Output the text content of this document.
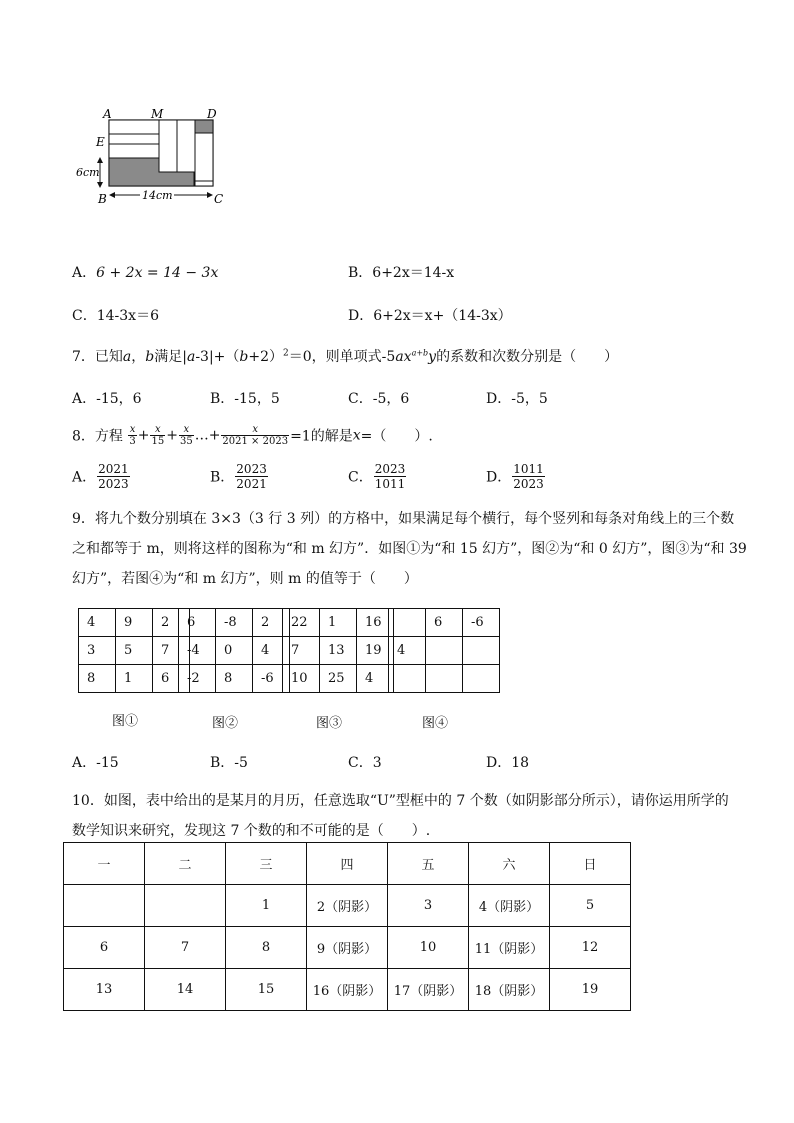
A	M	D
E
6cm
B	14cm	C
A．6 + 2x = 14 − 3x	B．6+2x＝14-x
C．14-3x＝6	D．6+2x＝x+（14-3x）
7．已知a，b满足$|a-3|+(b+2)^2=0$，则单项式$-5ax^{a+b}y$的系数和次数分别是（　　）
A．-15，6	B．-15，5	C．-5，6	D．-5，5
8．方程 $\frac{x}{3} + \frac{x}{15} + \frac{x}{35}$ …+ $\frac{x}{2021 \times 2023} =1$的解是x=（　　）.
A． $\frac{2021}{2023}$	B． $\frac{2023}{2021}$	C． $\frac{2023}{1011}$	D． $\frac{1011}{2023}$
9．将九个数分别填在 3×3（3 行 3 列）的方格中，如果满足每个横行，每个竖列和每条对角线上的三个数
之和都等于 m，则将这样的图称为“和 m 幻方”．如图①为“和 15 幻方”，图②为“和 0 幻方”，图③为“和 39
幻方”，若图④为“和 m 幻方”，则 m 的值等于（　　）
4	9	2
3	5	7
8	1	6
图①
6	-8	2
-4	0	4
-2	8	-6
图②
22	1	16
7	13	19
10	25	4
图③
	6	-6
4		

图④
A．-15	B．-5	C．3	D．18
10．如图，表中给出的是某月的月历，任意选取“U”型框中的 7 个数（如阴影部分所示），请你运用所学的
数学知识来研究，发现这 7 个数的和不可能的是（　　）.
一	二	三	四	五	六	日
		1	2（阴影）	3	4（阴影）	5
6	7	8	9（阴影）	10	11（阴影）	12
13	14	15	16（阴影）	17（阴影）	18（阴影）	19
